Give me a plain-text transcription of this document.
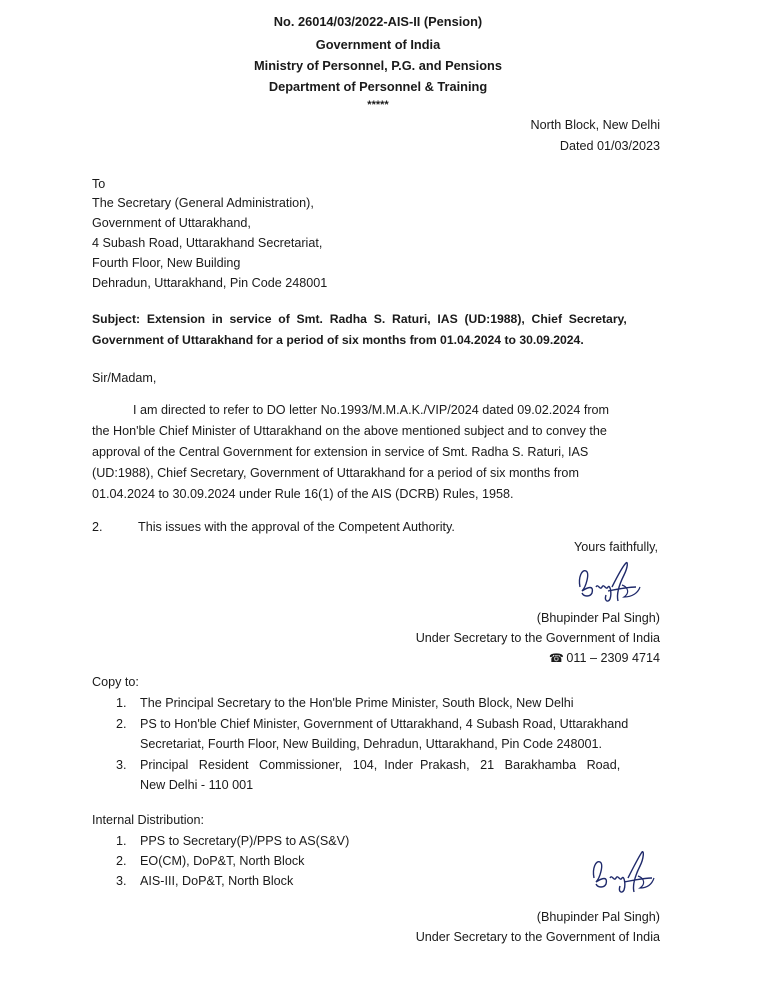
No. 26014/03/2022-AIS-II (Pension)
Government of India
Ministry of Personnel, P.G. and Pensions
Department of Personnel & Training
*****
North Block, New Delhi
Dated 01/03/2023
To
The Secretary (General Administration),
Government of Uttarakhand,
4 Subash Road, Uttarakhand Secretariat,
Fourth Floor, New Building
Dehradun, Uttarakhand, Pin Code 248001
Subject:  Extension  in  service  of  Smt.  Radha  S.  Raturi,  IAS  (UD:1988),  Chief  Secretary,
Government of Uttarakhand for a period of six months from 01.04.2024 to 30.09.2024.
Sir/Madam,
I am directed to refer to DO letter No.1993/M.M.A.K./VIP/2024 dated 09.02.2024 from
the Hon'ble Chief Minister of Uttarakhand on the above mentioned subject and to convey the
approval of the Central Government for extension in service of Smt. Radha S. Raturi, IAS
(UD:1988), Chief Secretary, Government of Uttarakhand for a period of six months from
01.04.2024 to 30.09.2024 under Rule 16(1) of the AIS (DCRB) Rules, 1958.
2.	This issues with the approval of the Competent Authority.
Yours faithfully,
(Bhupinder Pal Singh)
Under Secretary to the Government of India
☎ 011 – 2309 4714
Copy to:
1. The Principal Secretary to the Hon'ble Prime Minister, South Block, New Delhi
2. PS to Hon'ble Chief Minister, Government of Uttarakhand, 4 Subash Road, Uttarakhand
Secretariat, Fourth Floor, New Building, Dehradun, Uttarakhand, Pin Code 248001.
3. Principal   Resident   Commissioner,   104,  Inder  Prakash,   21   Barakhamba   Road,
New Delhi - 110 001
Internal Distribution:
1. PPS to Secretary(P)/PPS to AS(S&V)
2. EO(CM), DoP&T, North Block
3. AIS-III, DoP&T, North Block
(Bhupinder Pal Singh)
Under Secretary to the Government of India
